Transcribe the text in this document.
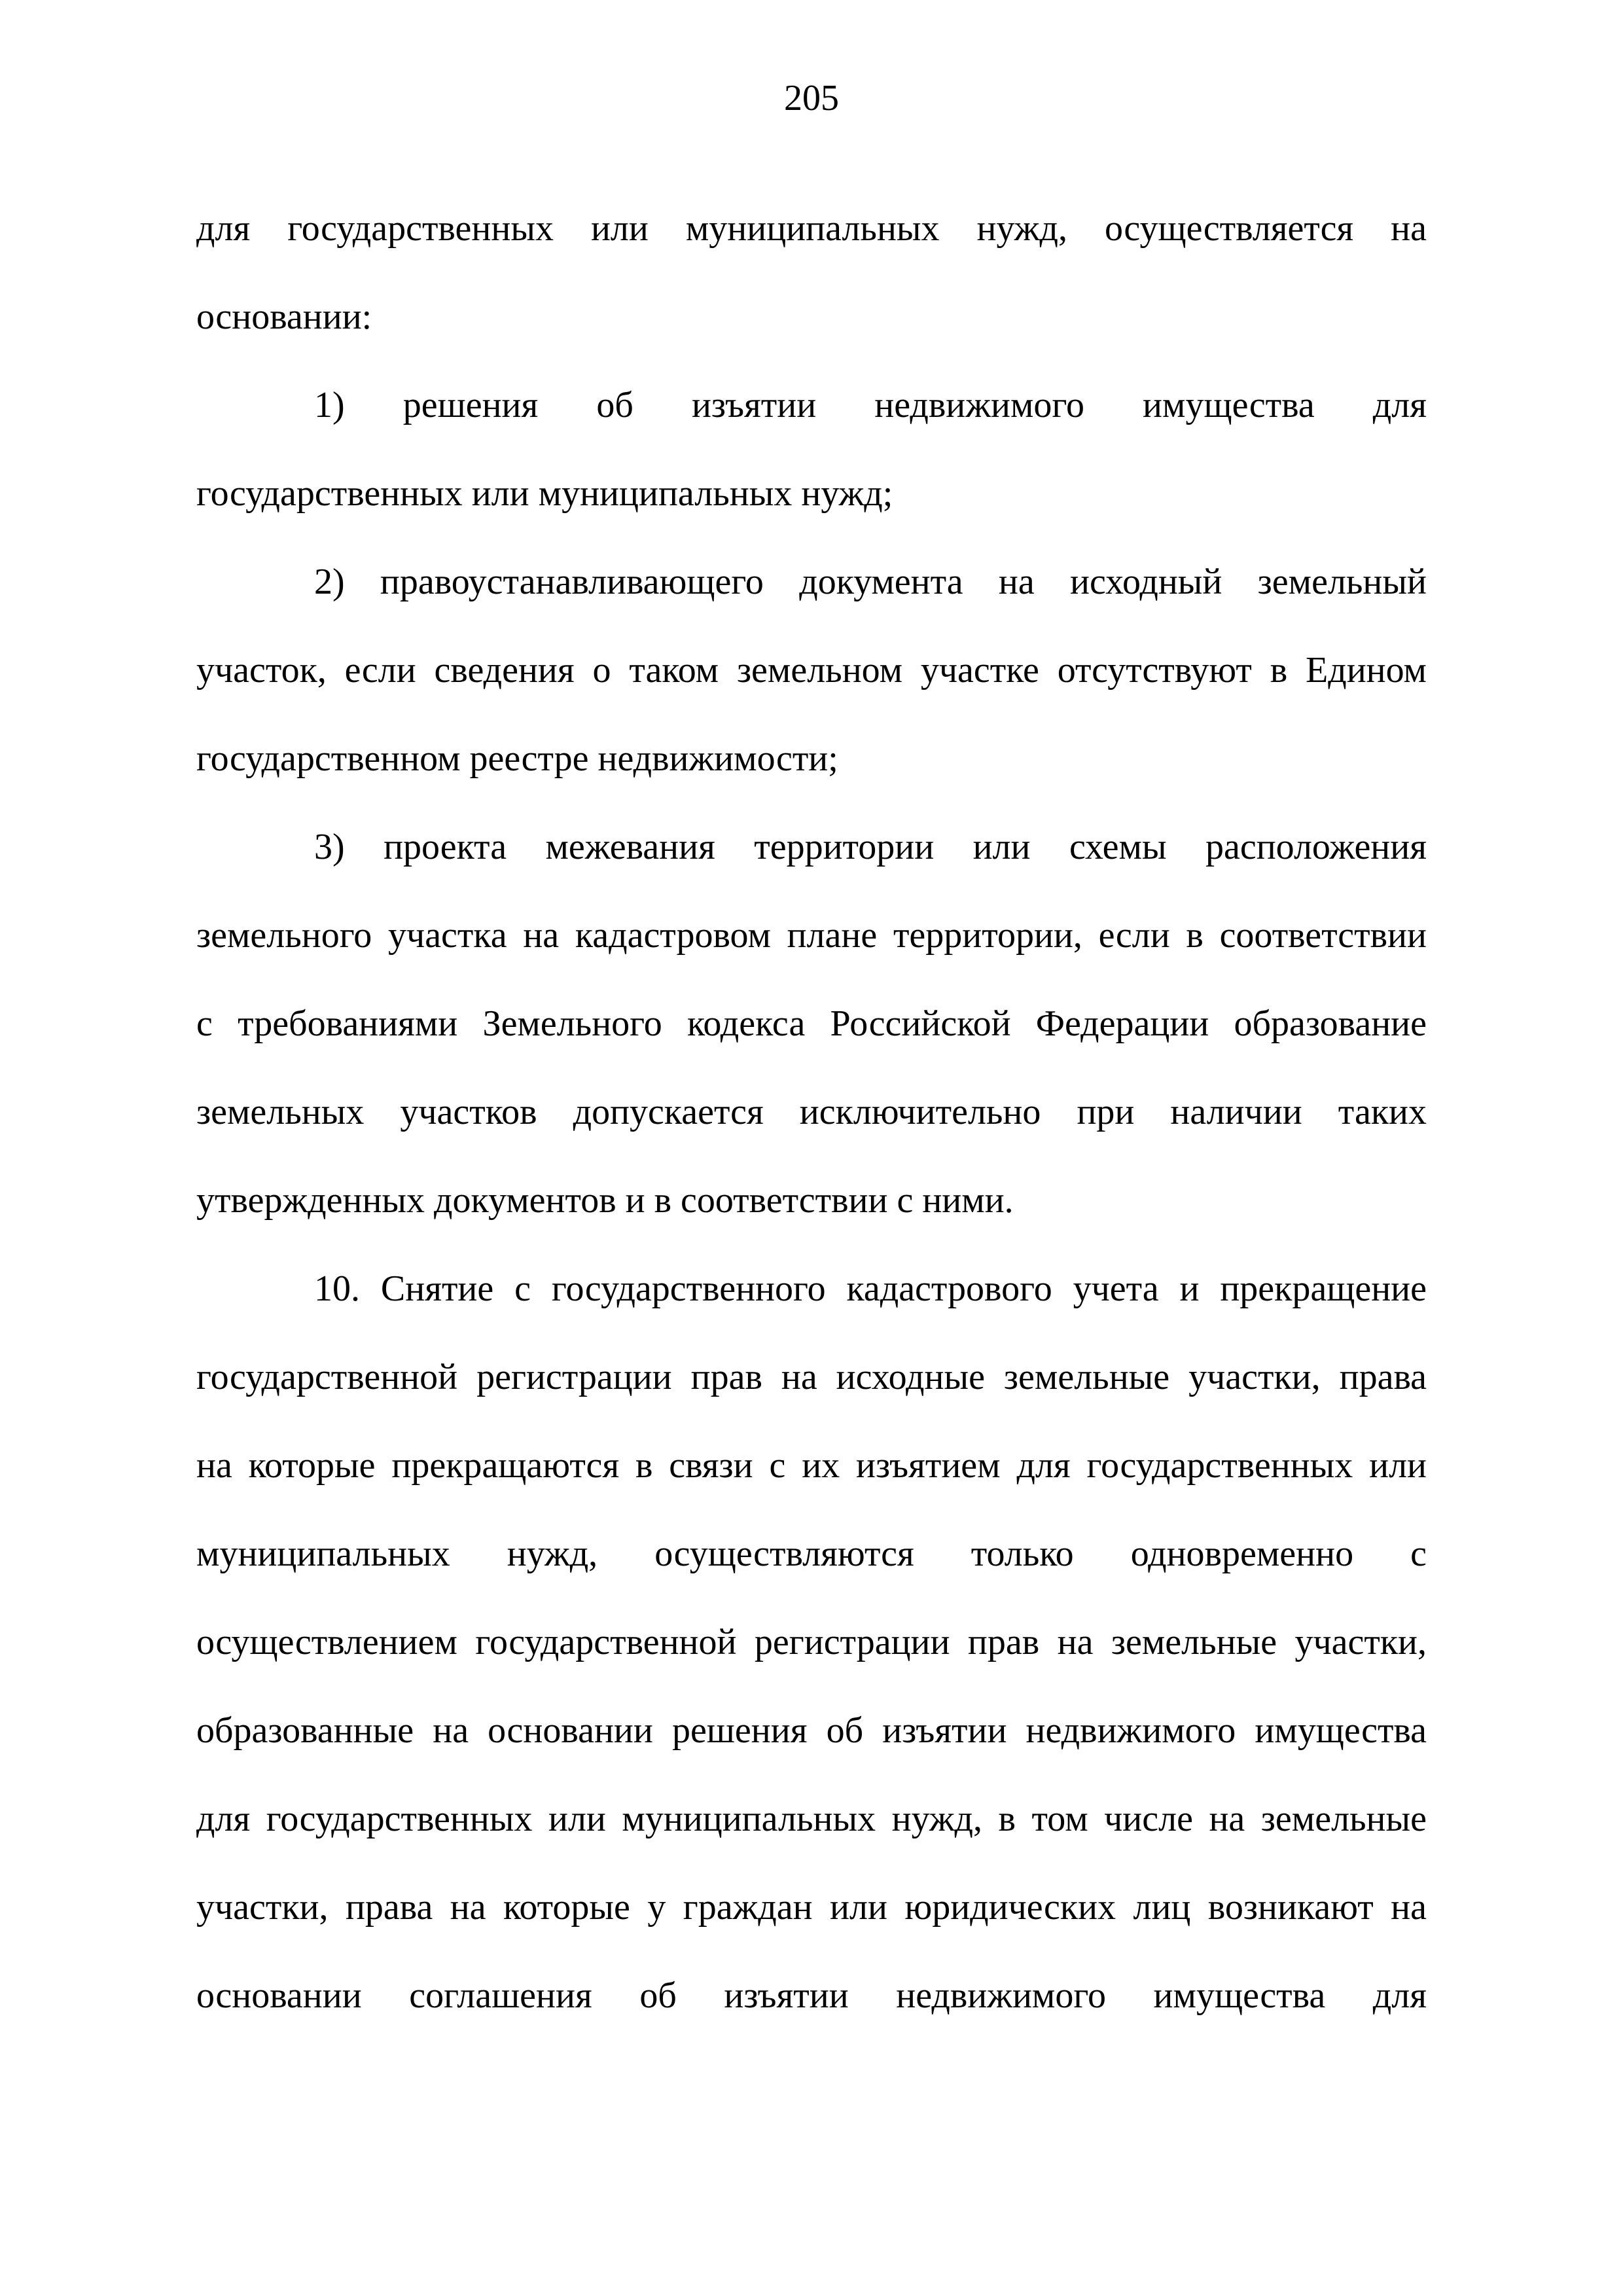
205
для государственных или муниципальных нужд, осуществляется на
основании:
1) решения об изъятии недвижимого имущества для
государственных или муниципальных нужд;
2) правоустанавливающего документа на исходный земельный
участок, если сведения о таком земельном участке отсутствуют в Едином
государственном реестре недвижимости;
3) проекта межевания территории или схемы расположения
земельного участка на кадастровом плане территории, если в соответствии
с требованиями Земельного кодекса Российской Федерации образование
земельных участков допускается исключительно при наличии таких
утвержденных документов и в соответствии с ними.
10. Снятие с государственного кадастрового учета и прекращение
государственной регистрации прав на исходные земельные участки, права
на которые прекращаются в связи с их изъятием для государственных или
муниципальных нужд, осуществляются только одновременно с
осуществлением государственной регистрации прав на земельные участки,
образованные на основании решения об изъятии недвижимого имущества
для государственных или муниципальных нужд, в том числе на земельные
участки, права на которые у граждан или юридических лиц возникают на
основании соглашения об изъятии недвижимого имущества для
